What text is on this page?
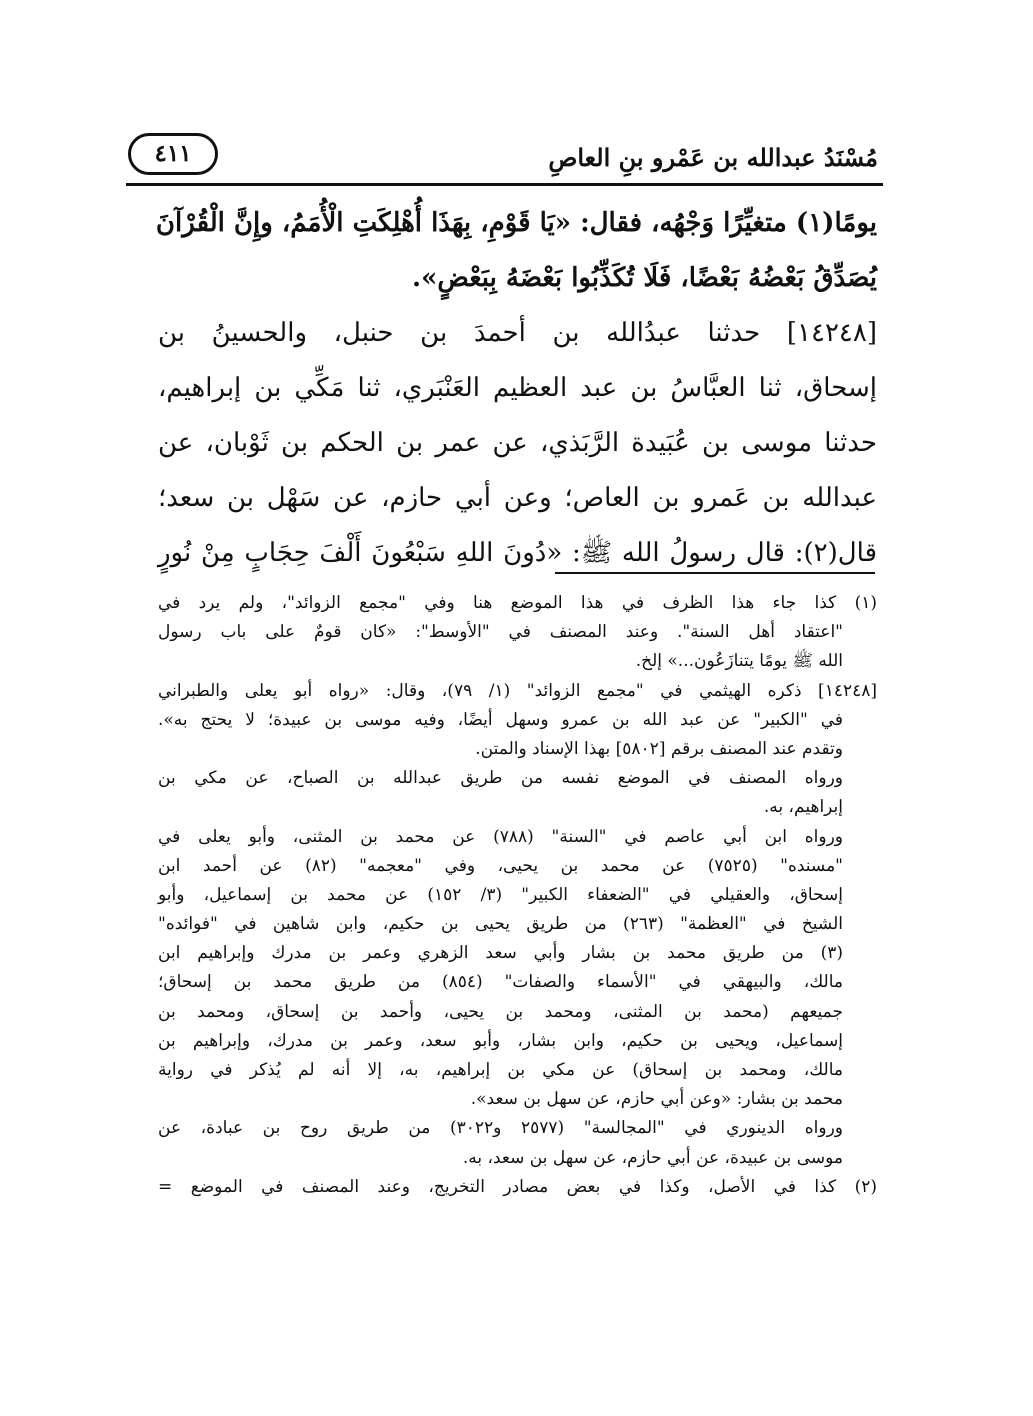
مُسْنَدُ عبدالله بن عَمْرو بنِ العاصِ
٤١١
يومًا(١) متغيِّرًا وَجْهُه، فقال: «يَا قَوْمِ، بِهَذَا أُهْلِكَتِ الْأُمَمُ، وإِنَّ الْقُرْآنَ
يُصَدِّقُ بَعْضُهُ بَعْضًا، فَلَا تُكَذِّبُوا بَعْضَهُ بِبَعْضٍ».
[١٤٢٤٨] حدثنا عبدُالله بن أحمدَ بن حنبل، والحسينُ بن
إسحاق، ثنا العبَّاسُ بن عبد العظيم العَنْبَري، ثنا مَكِّي بن إبراهيم،
حدثنا موسى بن عُبَيدة الرَّبَذي، عن عمر بن الحكم بن ثَوْبان، عن
عبدالله بن عَمرو بن العاص؛ وعن أبي حازم، عن سَهْل بن سعد؛
قال(٢): قال رسولُ الله ﷺ: «دُونَ اللهِ سَبْعُونَ أَلْفَ حِجَابٍ مِنْ نُورٍ
(١) كذا جاء هذا الظرف في هذا الموضع هنا وفي "مجمع الزوائد"، ولم يرد في
"اعتقاد أهل السنة". وعند المصنف في "الأوسط": «كان قومٌ على باب رسول
الله ﷺ يومًا يتنازَعُون...» إلخ.
[١٤٢٤٨] ذكره الهيثمي في "مجمع الزوائد" (١/ ٧٩)، وقال: «رواه أبو يعلى والطبراني
في "الكبير" عن عبد الله بن عمرو وسهل أيضًا، وفيه موسى بن عبيدة؛ لا يحتج به».
وتقدم عند المصنف برقم [٥٨٠٢] بهذا الإسناد والمتن.
ورواه المصنف في الموضع نفسه من طريق عبدالله بن الصباح، عن مكي بن
إبراهيم، به.
ورواه ابن أبي عاصم في "السنة" (٧٨٨) عن محمد بن المثنى، وأبو يعلى في
"مسنده" (٧٥٢٥) عن محمد بن يحيى، وفي "معجمه" (٨٢) عن أحمد ابن
إسحاق، والعقيلي في "الضعفاء الكبير" (٣/ ١٥٢) عن محمد بن إسماعيل، وأبو
الشيخ في "العظمة" (٢٦٣) من طريق يحيى بن حكيم، وابن شاهين في "فوائده"
(٣) من طريق محمد بن بشار وأبي سعد الزهري وعمر بن مدرك وإبراهيم ابن
مالك، والبيهقي في "الأسماء والصفات" (٨٥٤) من طريق محمد بن إسحاق؛
جميعهم (محمد بن المثنى، ومحمد بن يحيى، وأحمد بن إسحاق، ومحمد بن
إسماعيل، ويحيى بن حكيم، وابن بشار، وأبو سعد، وعمر بن مدرك، وإبراهيم بن
مالك، ومحمد بن إسحاق) عن مكي بن إبراهيم، به، إلا أنه لم يُذكر في رواية
محمد بن بشار: «وعن أبي حازم، عن سهل بن سعد».
ورواه الدينوري في "المجالسة" (٢٥٧٧ و٣٠٢٢) من طريق روح بن عبادة، عن
موسى بن عبيدة، عن أبي حازم، عن سهل بن سعد، به.
(٢) كذا في الأصل، وكذا في بعض مصادر التخريج، وعند المصنف في الموضع =
